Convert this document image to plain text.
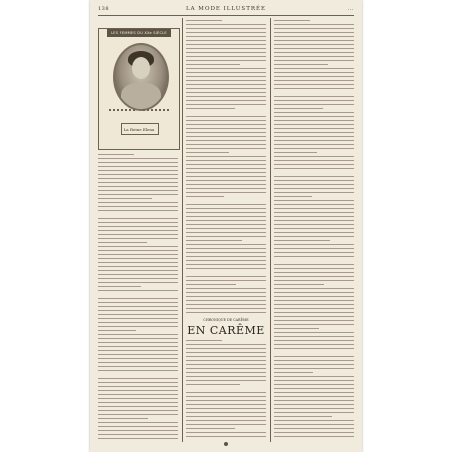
138	LA MODE ILLUSTRÉE	...
LES FEMMES DU XXe SIÈCLE
La Reine Elena
CHRONIQUE DE CARÊME
EN CARÊME
